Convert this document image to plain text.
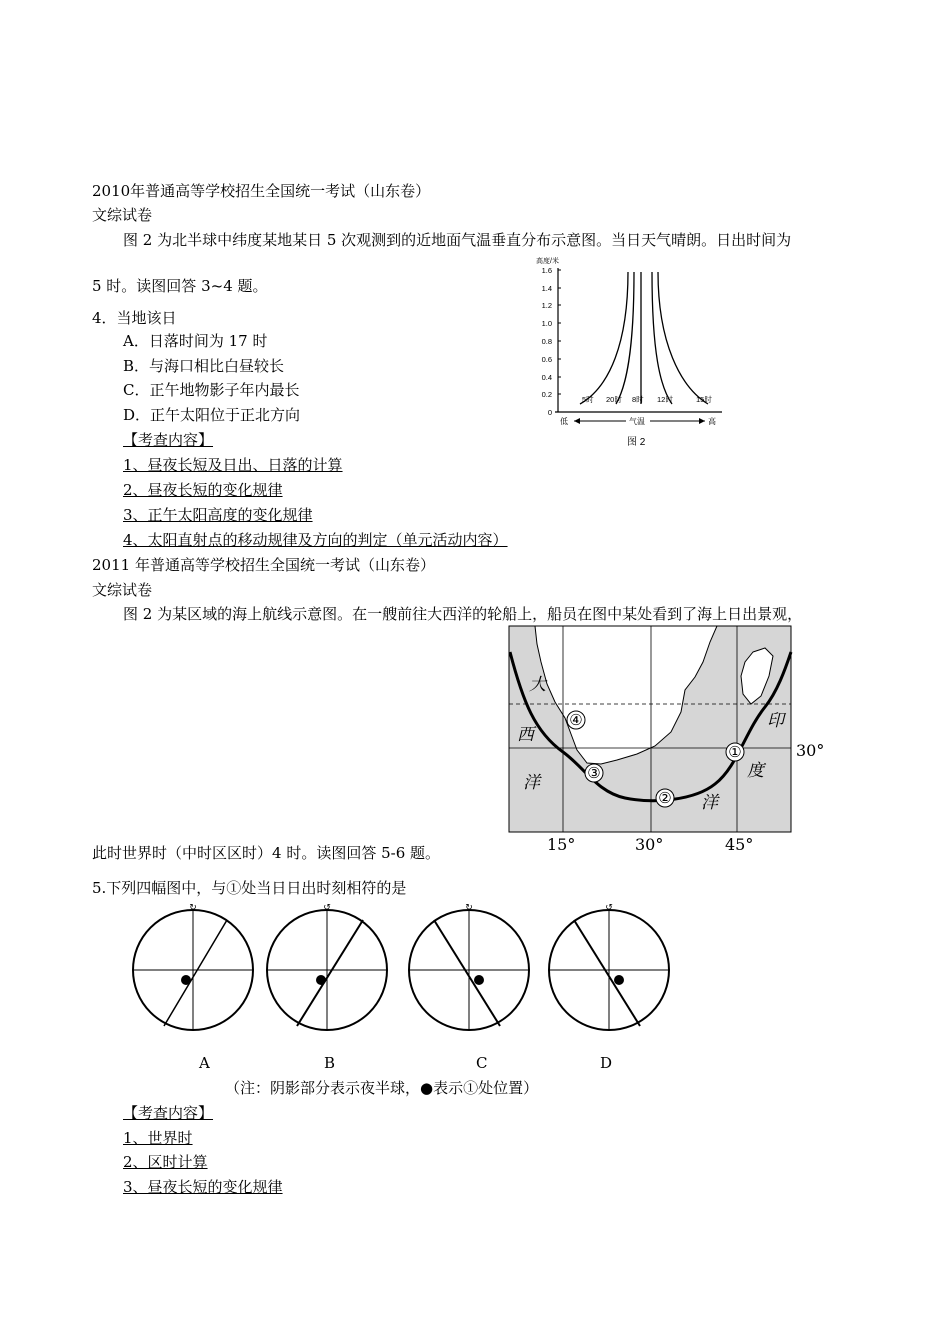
2010年普通高等学校招生全国统一考试（山东卷）
文综试卷
图 2 为北半球中纬度某地某日 5 次观测到的近地面气温垂直分布示意图。当日天气晴朗。日出时间为
5 时。读图回答 3~4 题。
4．当地该日
A．日落时间为 17 时
B．与海口相比白昼较长
C．正午地物影子年内最长
D．正午太阳位于正北方向
【考查内容】
1、昼夜长短及日出、日落的计算
2、昼夜长短的变化规律
3、正午太阳高度的变化规律
4、太阳直射点的移动规律及方向的判定（单元活动内容）
高度/米
1.6
1.4
1.2
1.0
0.8
0.6
0.4
0.2
0
5时 20时 8时 12时	15时
低	气温	高
图 2
2011 年普通高等学校招生全国统一考试（山东卷）
文综试卷
图 2 为某区域的海上航线示意图。在一艘前往大西洋的轮船上，船员在图中某处看到了海上日出景观，
此时世界时（中时区区时）4 时。读图回答 5-6 题。
①
②
③
④
大
西
洋
印
度
洋
30°
15°	30°	45°
5.下列四幅图中，与①处当日日出时刻相符的是
↻	↺	↻	↺
A	B	C	D
（注：阴影部分表示夜半球，●表示①处位置）
【考查内容】
1、世界时
2、区时计算
3、昼夜长短的变化规律
